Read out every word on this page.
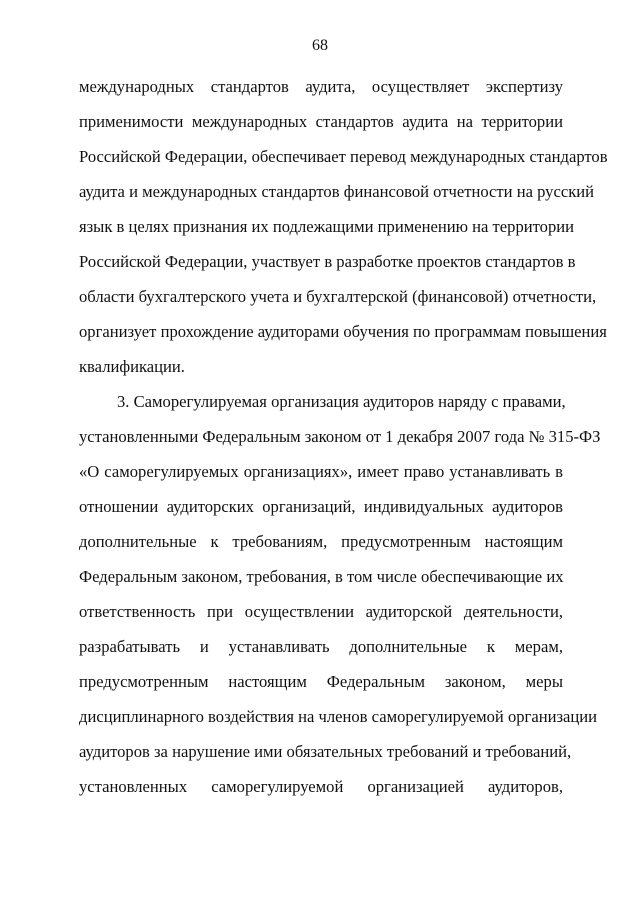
68
международных стандартов аудита, осуществляет экспертизу
применимости международных стандартов аудита на территории
Российской Федерации, обеспечивает перевод международных стандартов
аудита и международных стандартов финансовой отчетности на русский
язык в целях признания их подлежащими применению на территории
Российской Федерации, участвует в разработке проектов стандартов в
области бухгалтерского учета и бухгалтерской (финансовой) отчетности,
организует прохождение аудиторами обучения по программам повышения
квалификации.
3. Саморегулируемая организация аудиторов наряду с правами,
установленными Федеральным законом от 1 декабря 2007 года № 315-ФЗ
«О саморегулируемых организациях», имеет право устанавливать в
отношении аудиторских организаций, индивидуальных аудиторов
дополнительные к требованиям, предусмотренным настоящим
Федеральным законом, требования, в том числе обеспечивающие их
ответственность при осуществлении аудиторской деятельности,
разрабатывать и устанавливать дополнительные к мерам,
предусмотренным настоящим Федеральным законом, меры
дисциплинарного воздействия на членов саморегулируемой организации
аудиторов за нарушение ими обязательных требований и требований,
установленных саморегулируемой организацией аудиторов,
